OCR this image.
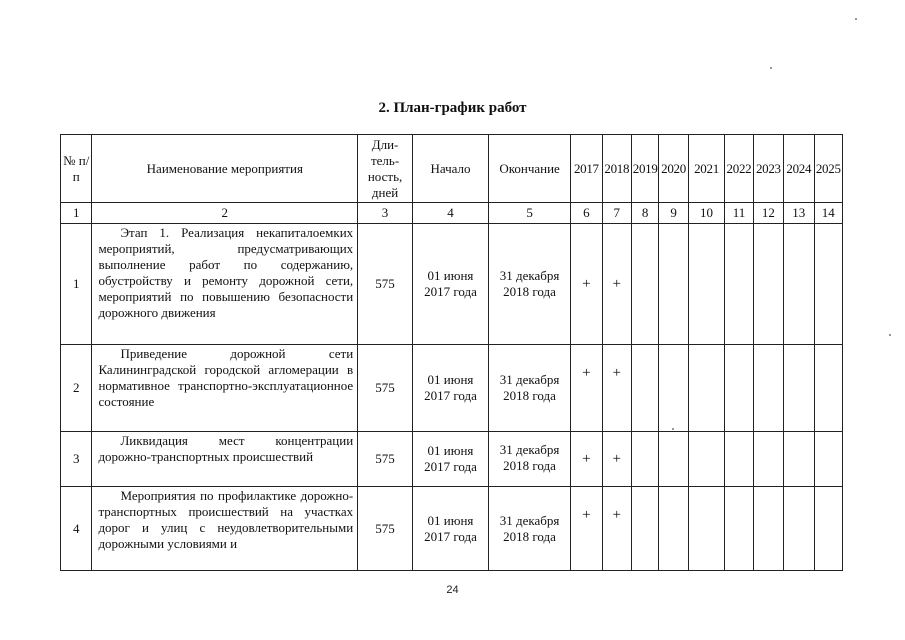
2. План-график работ
№ п/п	Наименование мероприятия	Дли-тель-ность, дней	Начало	Окончание	2017	2018	2019	2020	2021	2022	2023	2024	2025
1	2	3	4	5	6	7	8	9	10	11	12	13	14
1	Этап 1. Реализация некапиталоемких мероприятий, предусматривающих выполнение работ по содержанию, обустройству и ремонту дорожной сети, мероприятий по повышению безопасности дорожного движения	575	01 июня 2017 года	31 декабря 2018 года	+	+							
2	Приведение дорожной сети Калининградской городской агломерации в нормативное транспортно-эксплуатационное состояние	575	01 июня 2017 года	31 декабря 2018 года	+	+							
3	Ликвидация мест концентрации дорожно-транспортных происшествий	575	01 июня 2017 года	31 декабря 2018 года	+	+							
4	Мероприятия по профилактике дорожно-транспортных происшествий на участках дорог и улиц с неудовлетворительными дорожными условиями и	575	01 июня 2017 года	31 декабря 2018 года	+	+							
24
